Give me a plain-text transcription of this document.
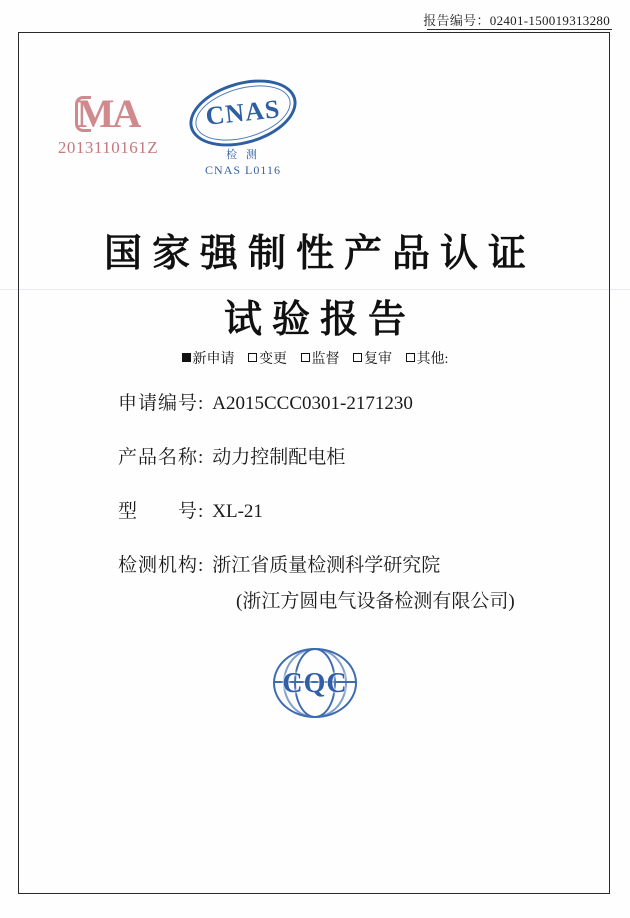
报告编号：02401-150019313280
MA
2013110161Z
CNAS
检 测
CNAS L0116
国家强制性产品认证
试验报告
新申请 变更 监督 复审 其他:
申请编号: A2015CCC0301-2171230
产品名称: 动力控制配电柜
型　　号: XL-21
检测机构: 浙江省质量检测科学研究院
(浙江方圆电气设备检测有限公司)
CQC
